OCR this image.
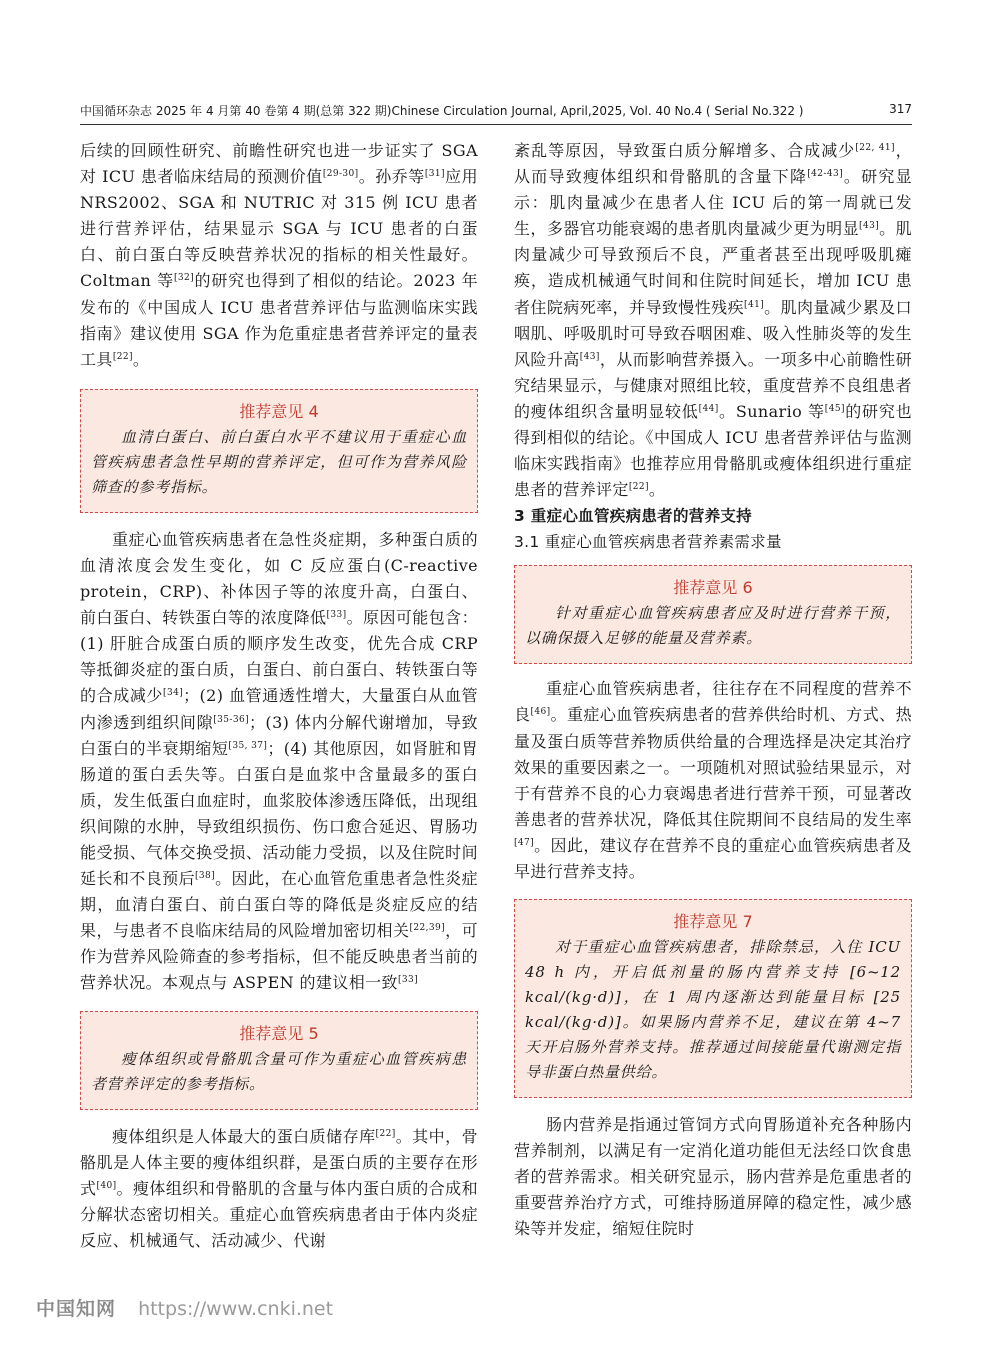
中国循环杂志 2025 年 4 月第 40 卷第 4 期(总第 322 期)Chinese Circulation Journal, April,2025, Vol. 40 No.4 ( Serial No.322 )	317

后续的回顾性研究、前瞻性研究也进一步证实了 SGA 对 ICU 患者临床结局的预测价值[29-30]。孙乔等[31]应用 NRS2002、SGA 和 NUTRIC 对 315 例 ICU 患者进行营养评估，结果显示 SGA 与 ICU 患者的白蛋白、前白蛋白等反映营养状况的指标的相关性最好。Coltman 等[32]的研究也得到了相似的结论。2023 年发布的《中国成人 ICU 患者营养评估与监测临床实践指南》建议使用 SGA 作为危重症患者营养评定的量表工具[22]。

推荐意见 4
血清白蛋白、前白蛋白水平不建议用于重症心血管疾病患者急性早期的营养评定，但可作为营养风险筛查的参考指标。

重症心血管疾病患者在急性炎症期，多种蛋白质的血清浓度会发生变化，如 C 反应蛋白(C-reactive protein，CRP)、补体因子等的浓度升高，白蛋白、前白蛋白、转铁蛋白等的浓度降低[33]。原因可能包含：(1) 肝脏合成蛋白质的顺序发生改变，优先合成 CRP 等抵御炎症的蛋白质，白蛋白、前白蛋白、转铁蛋白等的合成减少[34]；(2) 血管通透性增大，大量蛋白从血管内渗透到组织间隙[35-36]；(3) 体内分解代谢增加，导致白蛋白的半衰期缩短[35, 37]；(4) 其他原因，如肾脏和胃肠道的蛋白丢失等。白蛋白是血浆中含量最多的蛋白质，发生低蛋白血症时，血浆胶体渗透压降低，出现组织间隙的水肿，导致组织损伤、伤口愈合延迟、胃肠功能受损、气体交换受损、活动能力受损，以及住院时间延长和不良预后[38]。因此，在心血管危重患者急性炎症期，血清白蛋白、前白蛋白等的降低是炎症反应的结果，与患者不良临床结局的风险增加密切相关[22,39]，可作为营养风险筛查的参考指标，但不能反映患者当前的营养状况。本观点与 ASPEN 的建议相一致[33]

推荐意见 5
瘦体组织或骨骼肌含量可作为重症心血管疾病患者营养评定的参考指标。

瘦体组织是人体最大的蛋白质储存库[22]。其中，骨骼肌是人体主要的瘦体组织群，是蛋白质的主要存在形式[40]。瘦体组织和骨骼肌的含量与体内蛋白质的合成和分解状态密切相关。重症心血管疾病患者由于体内炎症反应、机械通气、活动减少、代谢

紊乱等原因，导致蛋白质分解增多、合成减少[22, 41]，从而导致瘦体组织和骨骼肌的含量下降[42-43]。研究显示：肌肉量减少在患者人住 ICU 后的第一周就已发生，多器官功能衰竭的患者肌肉量减少更为明显[43]。肌肉量减少可导致预后不良，严重者甚至出现呼吸肌瘫痪，造成机械通气时间和住院时间延长，增加 ICU 患者住院病死率，并导致慢性残疾[41]。肌肉量减少累及口咽肌、呼吸肌时可导致吞咽困难、吸入性肺炎等的发生风险升高[43]，从而影响营养摄入。一项多中心前瞻性研究结果显示，与健康对照组比较，重度营养不良组患者的瘦体组织含量明显较低[44]。Sunario 等[45]的研究也得到相似的结论。《中国成人 ICU 患者营养评估与监测临床实践指南》也推荐应用骨骼肌或瘦体组织进行重症患者的营养评定[22]。

3 重症心血管疾病患者的营养支持
3.1 重症心血管疾病患者营养素需求量
推荐意见 6
针对重症心血管疾病患者应及时进行营养干预，以确保摄入足够的能量及营养素。

重症心血管疾病患者，往往存在不同程度的营养不良[46]。重症心血管疾病患者的营养供给时机、方式、热量及蛋白质等营养物质供给量的合理选择是决定其治疗效果的重要因素之一。一项随机对照试验结果显示，对于有营养不良的心力衰竭患者进行营养干预，可显著改善患者的营养状况，降低其住院期间不良结局的发生率[47]。因此，建议存在营养不良的重症心血管疾病患者及早进行营养支持。

推荐意见 7
对于重症心血管疾病患者，排除禁忌，入住 ICU 48 h 内，开启低剂量的肠内营养支持 [6~12 kcal/(kg·d)]，在 1 周内逐渐达到能量目标 [25 kcal/(kg·d)]。如果肠内营养不足，建议在第 4~7 天开启肠外营养支持。推荐通过间接能量代谢测定指导非蛋白热量供给。

肠内营养是指通过管饲方式向胃肠道补充各种肠内营养制剂，以满足有一定消化道功能但无法经口饮食患者的营养需求。相关研究显示，肠内营养是危重患者的重要营养治疗方式，可维持肠道屏障的稳定性，减少感染等并发症，缩短住院时

中国知网 https://www.cnki.net
